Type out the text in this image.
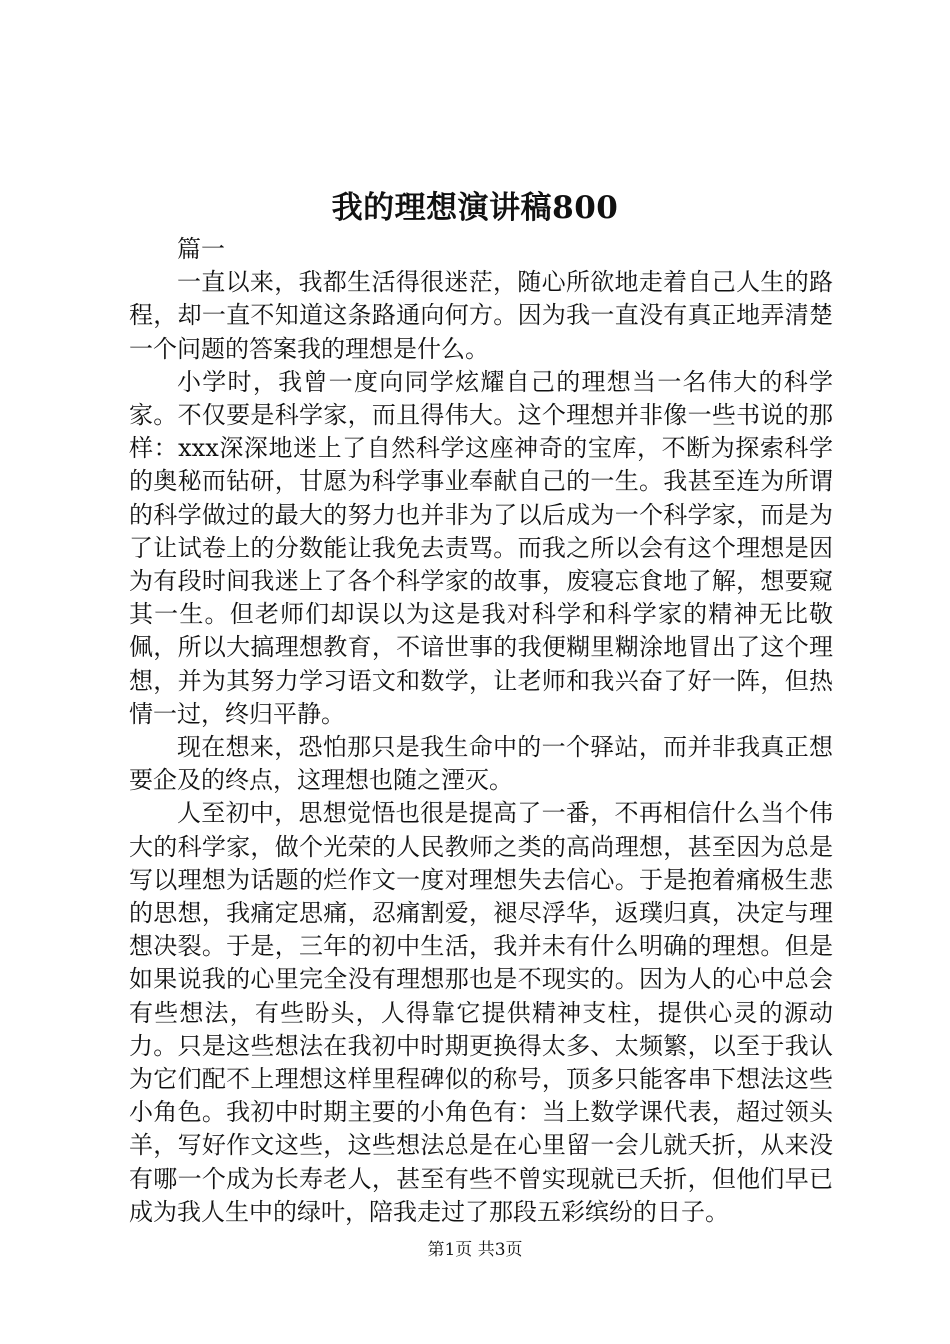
我的理想演讲稿800

篇一

一直以来，我都生活得很迷茫，随心所欲地走着自己人生的路程，却一直不知道这条路通向何方。因为我一直没有真正地弄清楚一个问题的答案我的理想是什么。

小学时，我曾一度向同学炫耀自己的理想当一名伟大的科学家。不仅要是科学家，而且得伟大。这个理想并非像一些书说的那样：xxx深深地迷上了自然科学这座神奇的宝库，不断为探索科学的奥秘而钻研，甘愿为科学事业奉献自己的一生。我甚至连为所谓的科学做过的最大的努力也并非为了以后成为一个科学家，而是为了让试卷上的分数能让我免去责骂。而我之所以会有这个理想是因为有段时间我迷上了各个科学家的故事，废寝忘食地了解，想要窥其一生。但老师们却误以为这是我对科学和科学家的精神无比敬佩，所以大搞理想教育，不谙世事的我便糊里糊涂地冒出了这个理想，并为其努力学习语文和数学，让老师和我兴奋了好一阵，但热情一过，终归平静。

现在想来，恐怕那只是我生命中的一个驿站，而并非我真正想要企及的终点，这理想也随之湮灭。

人至初中，思想觉悟也很是提高了一番，不再相信什么当个伟大的科学家，做个光荣的人民教师之类的高尚理想，甚至因为总是写以理想为话题的烂作文一度对理想失去信心。于是抱着痛极生悲的思想，我痛定思痛，忍痛割爱，褪尽浮华，返璞归真，决定与理想决裂。于是，三年的初中生活，我并未有什么明确的理想。但是如果说我的心里完全没有理想那也是不现实的。因为人的心中总会有些想法，有些盼头，人得靠它提供精神支柱，提供心灵的源动力。只是这些想法在我初中时期更换得太多、太频繁，以至于我认为它们配不上理想这样里程碑似的称号，顶多只能客串下想法这些小角色。我初中时期主要的小角色有：当上数学课代表，超过领头羊，写好作文这些，这些想法总是在心里留一会儿就夭折，从来没有哪一个成为长寿老人，甚至有些不曾实现就已夭折，但他们早已成为我人生中的绿叶，陪我走过了那段五彩缤纷的日子。

第1页 共3页
